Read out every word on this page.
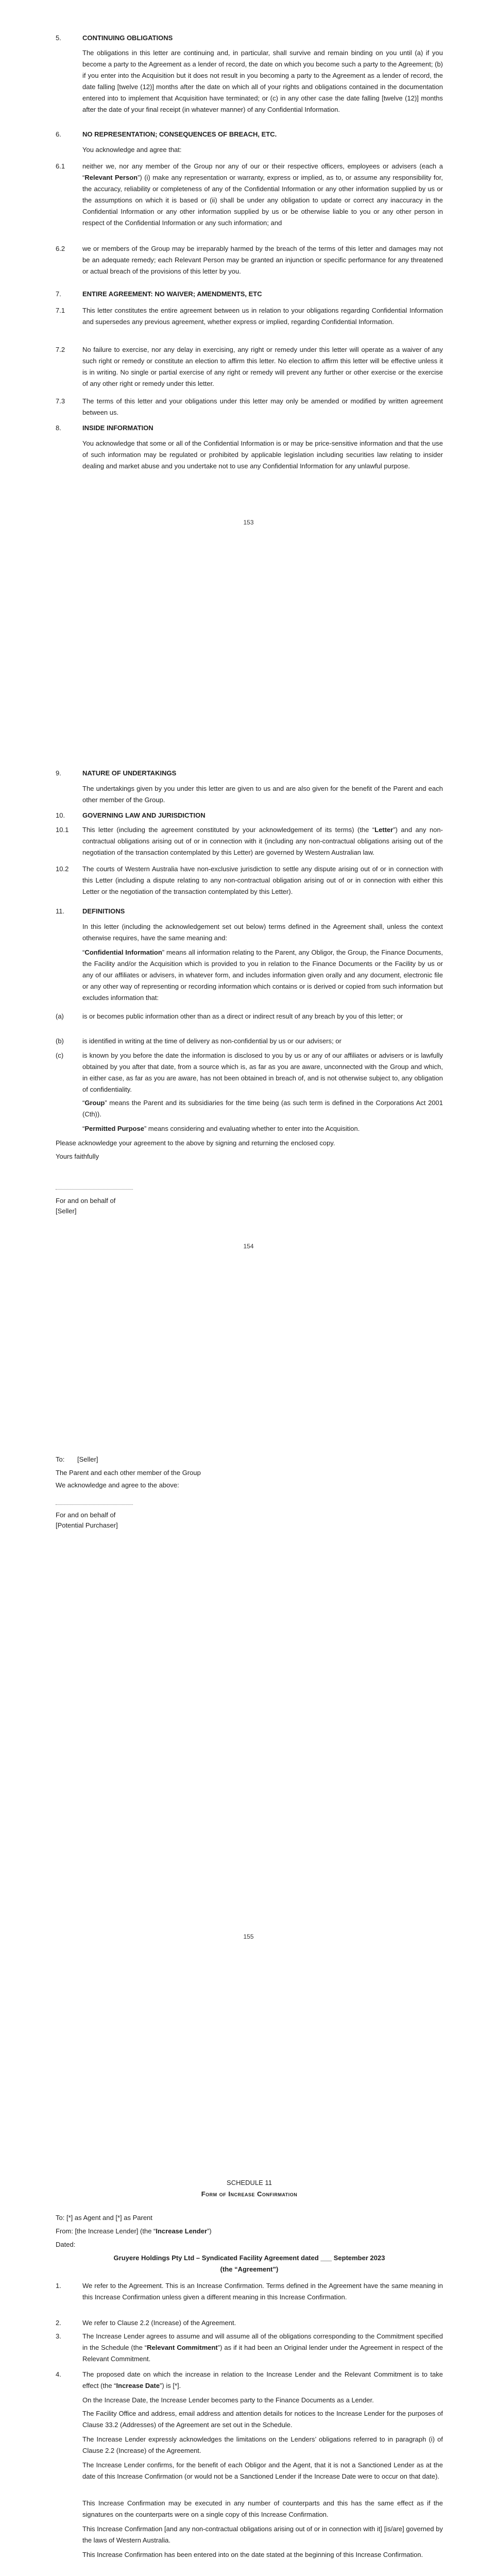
5.	CONTINUING OBLIGATIONS
The obligations in this letter are continuing and, in particular, shall survive and remain binding on you until (a) if you become a party to the Agreement as a lender of record, the date on which you become such a party to the Agreement; (b) if you enter into the Acquisition but it does not result in you becoming a party to the Agreement as a lender of record, the date falling [twelve (12)] months after the date on which all of your rights and obligations contained in the documentation entered into to implement that Acquisition have terminated; or (c) in any other case the date falling [twelve (12)] months after the date of your final receipt (in whatever manner) of any Confidential Information.
6.	NO REPRESENTATION; CONSEQUENCES OF BREACH, ETC.
You acknowledge and agree that:
6.1	neither we, nor any member of the Group nor any of our or their respective officers, employees or advisers (each a “Relevant Person”) (i) make any representation or warranty, express or implied, as to, or assume any responsibility for, the accuracy, reliability or completeness of any of the Confidential Information or any other information supplied by us or the assumptions on which it is based or (ii) shall be under any obligation to update or correct any inaccuracy in the Confidential Information or any other information supplied by us or be otherwise liable to you or any other person in respect of the Confidential Information or any such information; and
6.2	we or members of the Group may be irreparably harmed by the breach of the terms of this letter and damages may not be an adequate remedy; each Relevant Person may be granted an injunction or specific performance for any threatened or actual breach of the provisions of this letter by you.
7.	ENTIRE AGREEMENT: NO WAIVER; AMENDMENTS, ETC
7.1	This letter constitutes the entire agreement between us in relation to your obligations regarding Confidential Information and supersedes any previous agreement, whether express or implied, regarding Confidential Information.
7.2	No failure to exercise, nor any delay in exercising, any right or remedy under this letter will operate as a waiver of any such right or remedy or constitute an election to affirm this letter. No election to affirm this letter will be effective unless it is in writing. No single or partial exercise of any right or remedy will prevent any further or other exercise or the exercise of any other right or remedy under this letter.
7.3	The terms of this letter and your obligations under this letter may only be amended or modified by written agreement between us.
8.	INSIDE INFORMATION
You acknowledge that some or all of the Confidential Information is or may be price-sensitive information and that the use of such information may be regulated or prohibited by applicable legislation including securities law relating to insider dealing and market abuse and you undertake not to use any Confidential Information for any unlawful purpose.
153
9.	NATURE OF UNDERTAKINGS
The undertakings given by you under this letter are given to us and are also given for the benefit of the Parent and each other member of the Group.
10.	GOVERNING LAW AND JURISDICTION
10.1 This letter (including the agreement constituted by your acknowledgement of its terms) (the “Letter”) and any non-contractual obligations arising out of or in connection with it (including any non-contractual obligations arising out of the negotiation of the transaction contemplated by this Letter) are governed by Western Australian law.
10.2 The courts of Western Australia have non-exclusive jurisdiction to settle any dispute arising out of or in connection with this Letter (including a dispute relating to any non-contractual obligation arising out of or in connection with either this Letter or the negotiation of the transaction contemplated by this Letter).
11.	DEFINITIONS
In this letter (including the acknowledgement set out below) terms defined in the Agreement shall, unless the context otherwise requires, have the same meaning and:
“Confidential Information” means all information relating to the Parent, any Obligor, the Group, the Finance Documents, the Facility and/or the Acquisition which is provided to you in relation to the Finance Documents or the Facility by us or any of our affiliates or advisers, in whatever form, and includes information given orally and any document, electronic file or any other way of representing or recording information which contains or is derived or copied from such information but excludes information that:
(a)	is or becomes public information other than as a direct or indirect result of any breach by you of this letter; or
(b)	is identified in writing at the time of delivery as non-confidential by us or our advisers; or
(c)	is known by you before the date the information is disclosed to you by us or any of our affiliates or advisers or is lawfully obtained by you after that date, from a source which is, as far as you are aware, unconnected with the Group and which, in either case, as far as you are aware, has not been obtained in breach of, and is not otherwise subject to, any obligation of confidentiality.
“Group” means the Parent and its subsidiaries for the time being (as such term is defined in the Corporations Act 2001 (Cth)).
“Permitted Purpose” means considering and evaluating whether to enter into the Acquisition.
Please acknowledge your agreement to the above by signing and returning the enclosed copy.
Yours faithfully
For and on behalf of
[Seller]
154
To: [Seller]
The Parent and each other member of the Group
We acknowledge and agree to the above:
For and on behalf of
[Potential Purchaser]
155
SCHEDULE 11
Form of Increase Confirmation
To: [*] as Agent and [*] as Parent
From: [the Increase Lender] (the “Increase Lender”)
Dated:
Gruyere Holdings Pty Ltd – Syndicated Facility Agreement dated ___ September 2023
(the “Agreement”)
1.	We refer to the Agreement. This is an Increase Confirmation. Terms defined in the Agreement have the same meaning in this Increase Confirmation unless given a different meaning in this Increase Confirmation.
2.	We refer to Clause 2.2 (Increase) of the Agreement.
3.	The Increase Lender agrees to assume and will assume all of the obligations corresponding to the Commitment specified in the Schedule (the “Relevant Commitment”) as if it had been an Original lender under the Agreement in respect of the Relevant Commitment.
4.	The proposed date on which the increase in relation to the Increase Lender and the Relevant Commitment is to take effect (the “Increase Date”) is [*].
On the Increase Date, the Increase Lender becomes party to the Finance Documents as a Lender.
The Facility Office and address, email address and attention details for notices to the Increase Lender for the purposes of Clause 33.2 (Addresses) of the Agreement are set out in the Schedule.
The Increase Lender expressly acknowledges the limitations on the Lenders’ obligations referred to in paragraph (i) of Clause 2.2 (Increase) of the Agreement.
The Increase Lender confirms, for the benefit of each Obligor and the Agent, that it is not a Sanctioned Lender as at the date of this Increase Confirmation (or would not be a Sanctioned Lender if the Increase Date were to occur on that date).
This Increase Confirmation may be executed in any number of counterparts and this has the same effect as if the signatures on the counterparts were on a single copy of this Increase Confirmation.
This Increase Confirmation [and any non-contractual obligations arising out of or in connection with it] [is/are] governed by the laws of Western Australia.
This Increase Confirmation has been entered into on the date stated at the beginning of this Increase Confirmation.
